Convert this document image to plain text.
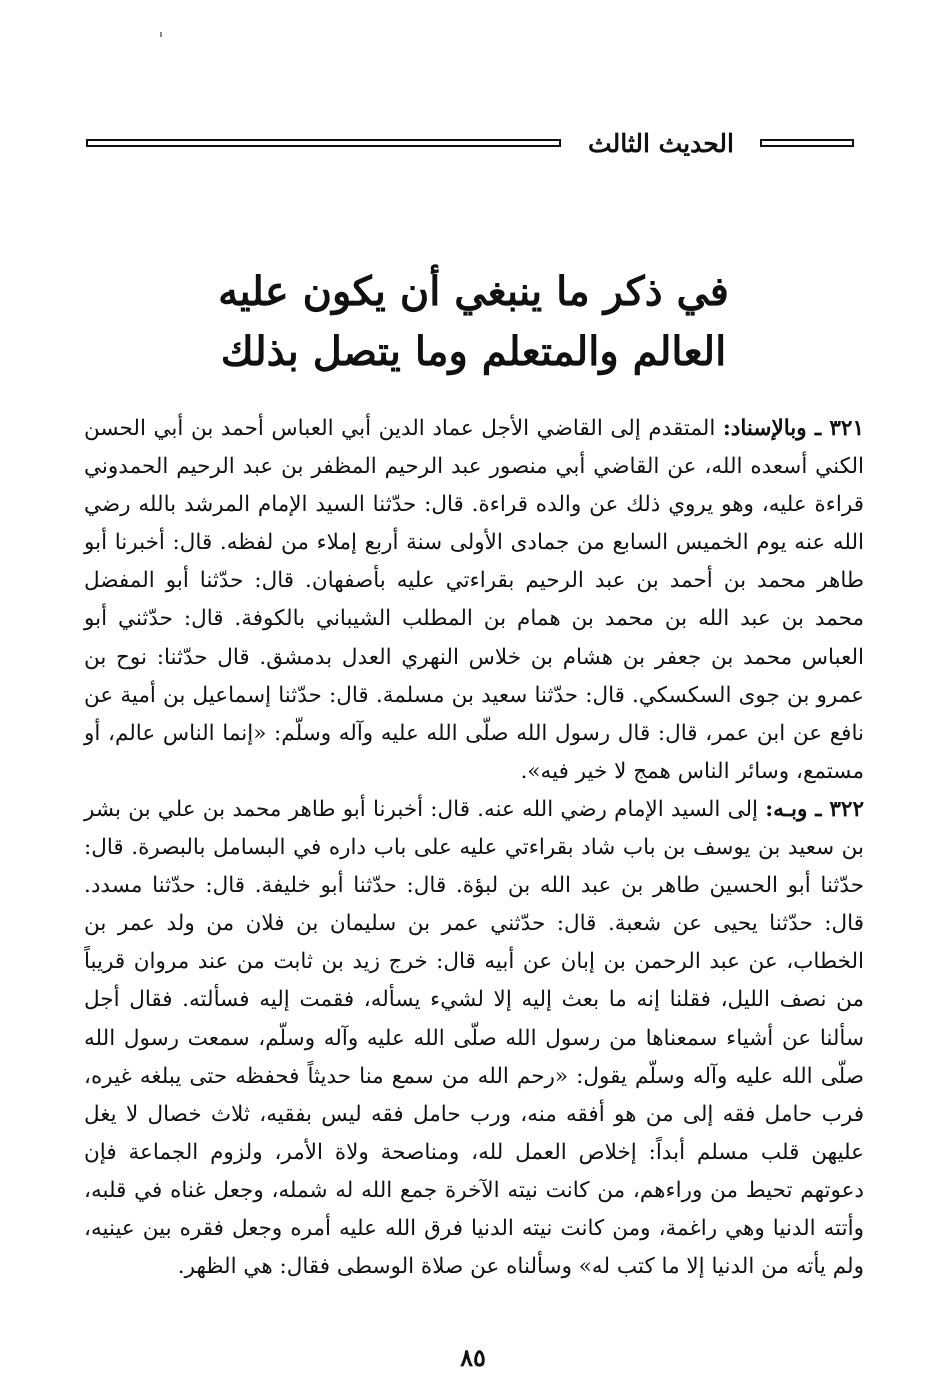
الحديث الثالث
في ذكر ما ينبغي أن يكون عليه
العالم والمتعلم وما يتصل بذلك

٣٢١ ـ وبالإسناد: المتقدم إلى القاضي الأجل عماد الدين أبي العباس أحمد بن أبي الحسن الكني أسعده الله، عن القاضي أبي منصور عبد الرحيم المظفر بن عبد الرحيم الحمدوني قراءة عليه، وهو يروي ذلك عن والده قراءة. قال: حدّثنا السيد الإمام المرشد بالله رضي الله عنه يوم الخميس السابع من جمادى الأولى سنة أربع إملاء من لفظه. قال: أخبرنا أبو طاهر محمد بن أحمد بن عبد الرحيم بقراءتي عليه بأصفهان. قال: حدّثنا أبو المفضل محمد بن عبد الله بن محمد بن همام بن المطلب الشيباني بالكوفة. قال: حدّثني أبو العباس محمد بن جعفر بن هشام بن خلاس النهري العدل بدمشق. قال حدّثنا: نوح بن عمرو بن جوى السكسكي. قال: حدّثنا سعيد بن مسلمة. قال: حدّثنا إسماعيل بن أمية عن نافع عن ابن عمر، قال: قال رسول الله صلّى الله عليه وآله وسلّم: «إنما الناس عالم، أو مستمع، وسائر الناس همج لا خير فيه».

٣٢٢ ـ وبـه: إلى السيد الإمام رضي الله عنه. قال: أخبرنا أبو طاهر محمد بن علي بن بشر بن سعيد بن يوسف بن باب شاد بقراءتي عليه على باب داره في البسامل بالبصرة. قال: حدّثنا أبو الحسين طاهر بن عبد الله بن لبؤة. قال: حدّثنا أبو خليفة. قال: حدّثنا مسدد. قال: حدّثنا يحيى عن شعبة. قال: حدّثني عمر بن سليمان بن فلان من ولد عمر بن الخطاب، عن عبد الرحمن بن إبان عن أبيه قال: خرج زيد بن ثابت من عند مروان قريباً من نصف الليل، فقلنا إنه ما بعث إليه إلا لشيء يسأله، فقمت إليه فسألته. فقال أجل سألنا عن أشياء سمعناها من رسول الله صلّى الله عليه وآله وسلّم، سمعت رسول الله صلّى الله عليه وآله وسلّم يقول: «رحم الله من سمع منا حديثاً فحفظه حتى يبلغه غيره، فرب حامل فقه إلى من هو أفقه منه، ورب حامل فقه ليس بفقيه، ثلاث خصال لا يغل عليهن قلب مسلم أبداً: إخلاص العمل لله، ومناصحة ولاة الأمر، ولزوم الجماعة فإن دعوتهم تحيط من وراءهم، من كانت نيته الآخرة جمع الله له شمله، وجعل غناه في قلبه، وأتته الدنيا وهي راغمة، ومن كانت نيته الدنيا فرق الله عليه أمره وجعل فقره بين عينيه، ولم يأته من الدنيا إلا ما كتب له» وسألناه عن صلاة الوسطى فقال: هي الظهر.

٨٥
